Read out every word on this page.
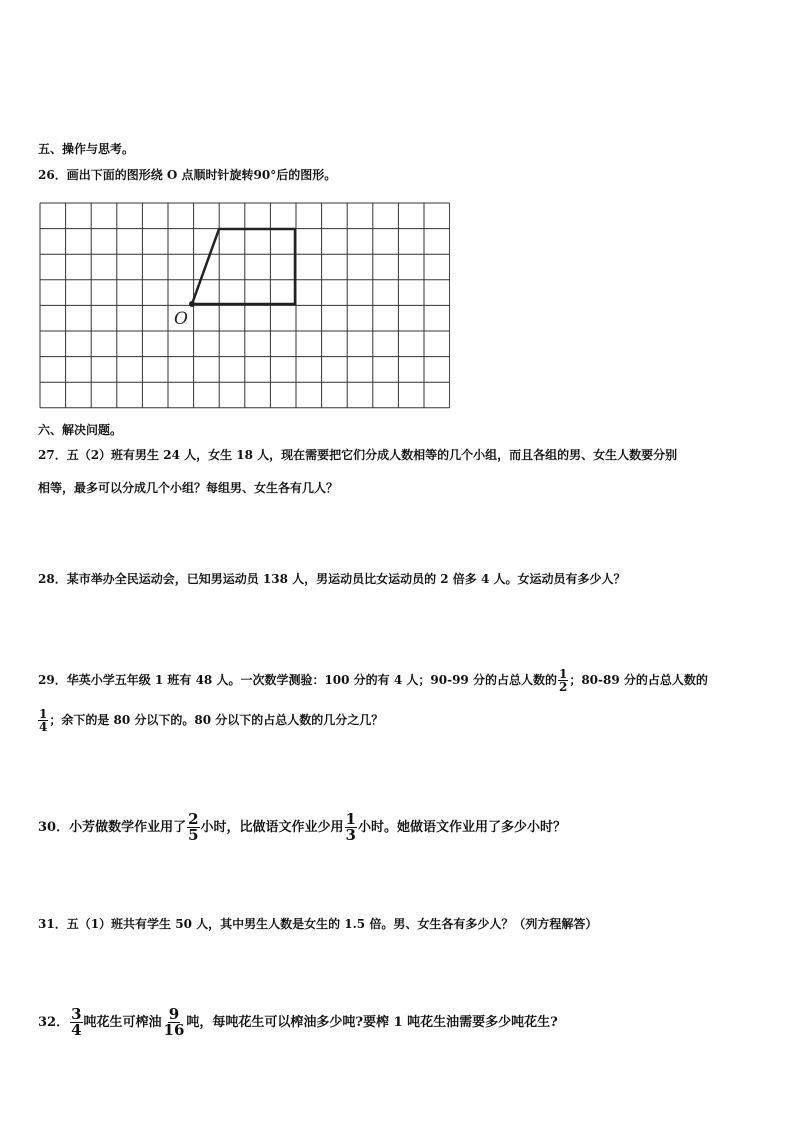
五、操作与思考。
26．画出下面的图形绕 O 点顺时针旋转90°后的图形。
O
六、解决问题。
27．五（2）班有男生 24 人，女生 18 人，现在需要把它们分成人数相等的几个小组，而且各组的男、女生人数要分别
相等，最多可以分成几个小组？每组男、女生各有几人？
28．某市举办全民运动会，已知男运动员 138 人，男运动员比女运动员的 2 倍多 4 人。女运动员有多少人？
29．华英小学五年级 1 班有 48 人。一次数学测验：100 分的有 4 人；90-99 分的占总人数的 $\frac{1}{2}$ ；80-89 分的占总人数的
$\frac{1}{4}$ ；余下的是 80 分以下的。80 分以下的占总人数的几分之几？
30．小芳做数学作业用了 $\frac{2}{5}$ 小时，比做语文作业少用 $\frac{1}{3}$ 小时。她做语文作业用了多少小时？
31．五（1）班共有学生 50 人，其中男生人数是女生的 1.5 倍。男、女生各有多少人？（列方程解答）
32． $\frac{3}{4}$ 吨花生可榨油 $\frac{9}{16}$ 吨，每吨花生可以榨油多少吨?要榨 1 吨花生油需要多少吨花生?
